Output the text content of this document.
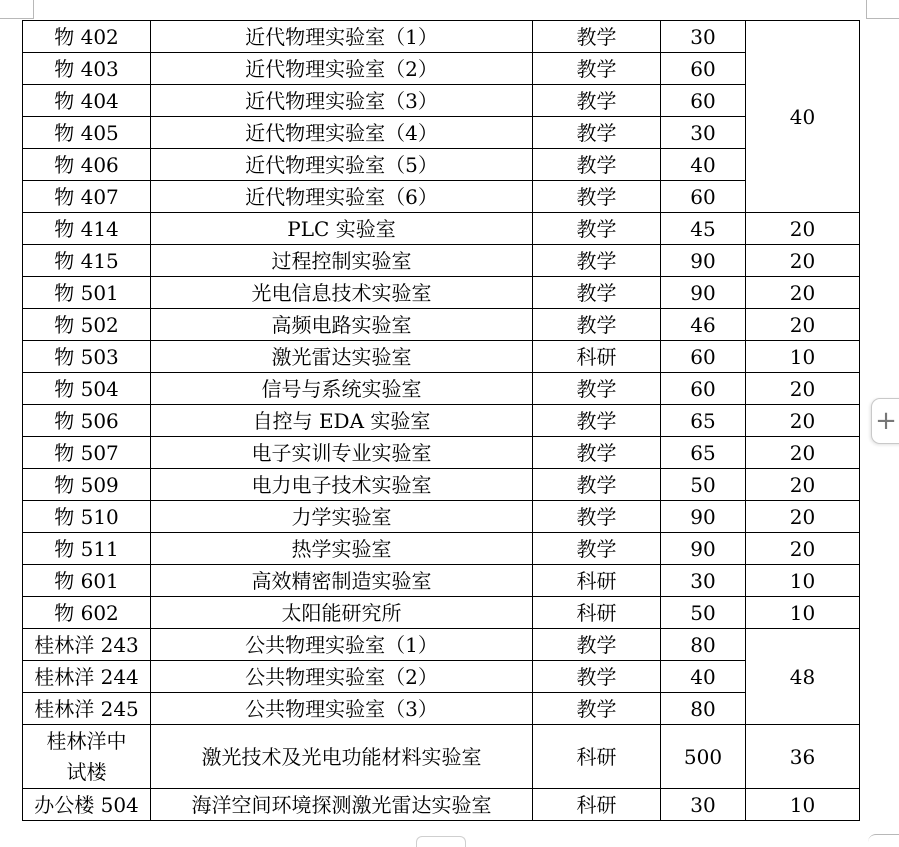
物 402	近代物理实验室（1）	教学	30	40
物 403	近代物理实验室（2）	教学	60	
物 404	近代物理实验室（3）	教学	60	
物 405	近代物理实验室（4）	教学	30	
物 406	近代物理实验室（5）	教学	40	
物 407	近代物理实验室（6）	教学	60	
物 414	PLC 实验室	教学	45	20
物 415	过程控制实验室	教学	90	20
物 501	光电信息技术实验室	教学	90	20
物 502	高频电路实验室	教学	46	20
物 503	激光雷达实验室	科研	60	10
物 504	信号与系统实验室	教学	60	20
物 506	自控与 EDA 实验室	教学	65	20
物 507	电子实训专业实验室	教学	65	20
物 509	电力电子技术实验室	教学	50	20
物 510	力学实验室	教学	90	20
物 511	热学实验室	教学	90	20
物 601	高效精密制造实验室	科研	30	10
物 602	太阳能研究所	科研	50	10
桂林洋 243	公共物理实验室（1）	教学	80	48
桂林洋 244	公共物理实验室（2）	教学	40	
桂林洋 245	公共物理实验室（3）	教学	80	
桂林洋中试楼	激光技术及光电功能材料实验室	科研	500	36
办公楼 504	海洋空间环境探测激光雷达实验室	科研	30	10
+
